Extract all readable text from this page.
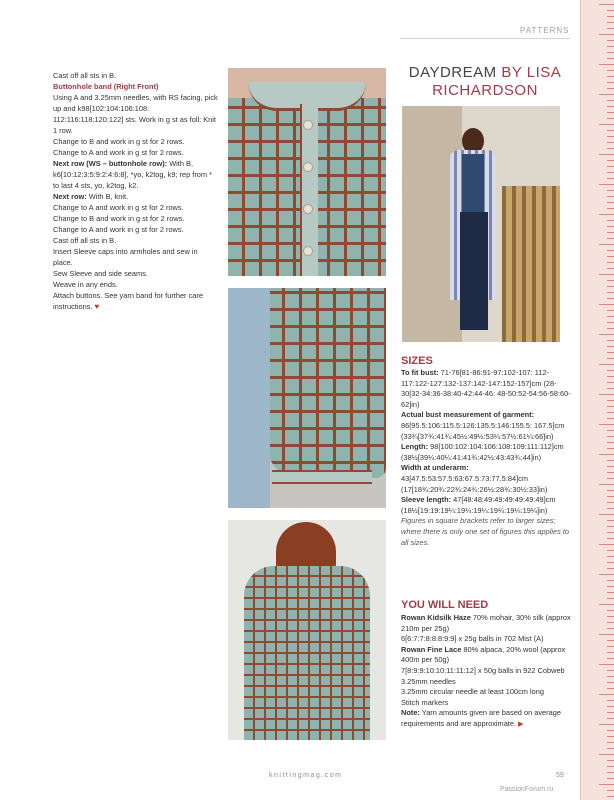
PATTERNS

Cast off all sts in B.

Buttonhole band (Right Front)

Using A and 3.25mm needles, with RS facing, pick up and k98[102:104:106:108: 112:116:118:120:122] sts. Work in g st as foll: Knit 1 row.

Change to B and work in g st for 2 rows.

Change to A and work in g st for 2 rows.

Next row (WS – buttonhole row): With B, k6[10:12:3:5:9:2:4:6:8], *yo, k2tog, k9; rep from * to last 4 sts, yo, k2tog, k2.

Next row: With B, knit.

Change to A and work in g st for 2 rows.

Change to B and work in g st for 2 rows.

Change to A and work in g st for 2 rows.

Cast off all sts in B.

Insert Sleeve caps into armholes and sew in place.

Sew Sleeve and side seams.

Weave in any ends.

Attach buttons. See yarn band for further care instructions. ♥

DAYDREAM BY LISA
RICHARDSON
SIZES

To fit bust: 71-76[81-86:91-97:102-107: 112-117:122-127:132-137:142-147:152-157]cm (28-30[32-34:36-38:40-42:44-46: 48-50:52-54:56-58:60-62]in)

Actual bust measurement of garment: 86[95.5:106:115.5:126:135.5:146:155.5: 167.5]cm (33¾[37¾:41¾:45½:49½:53¼:57½:61¼:66]in)

Length: 98[100:102:104:106:108:109:111:112]cm (38½[39¼:40¼:41:41¾:42½:43:43¾:44]in)

Width at underarm: 43[47.5:53:57.5:63:67.5:73:77.5:84]cm (17[18¾:20¾:22¾:24¾:26½:28¾:30½:33]in)

Sleeve length: 47[48:48:49:49:49:49:49:49]cm (18½[19:19:19¼:19¼:19¼:19¼:19¼:19¼]in)

Figures in square brackets refer to larger sizes; where there is only one set of figures this applies to all sizes.

YOU WILL NEED

Rowan Kidsilk Haze 70% mohair, 30% silk (approx 210m per 25g)

6[6:7:7:8:8:8:9:9] x 25g balls in 702 Mist (A)

Rowan Fine Lace 80% alpaca, 20% wool (approx 400m per 50g)

7[8:9:9:10:10:11:11:12] x 50g balls in 922 Cobweb

3.25mm needles

3.25mm circular needle at least 100cm long

Stitch markers

Note: Yarn amounts given are based on average requirements and are approximate. ▶

knittingmag.com	59
PassionForum.ru
